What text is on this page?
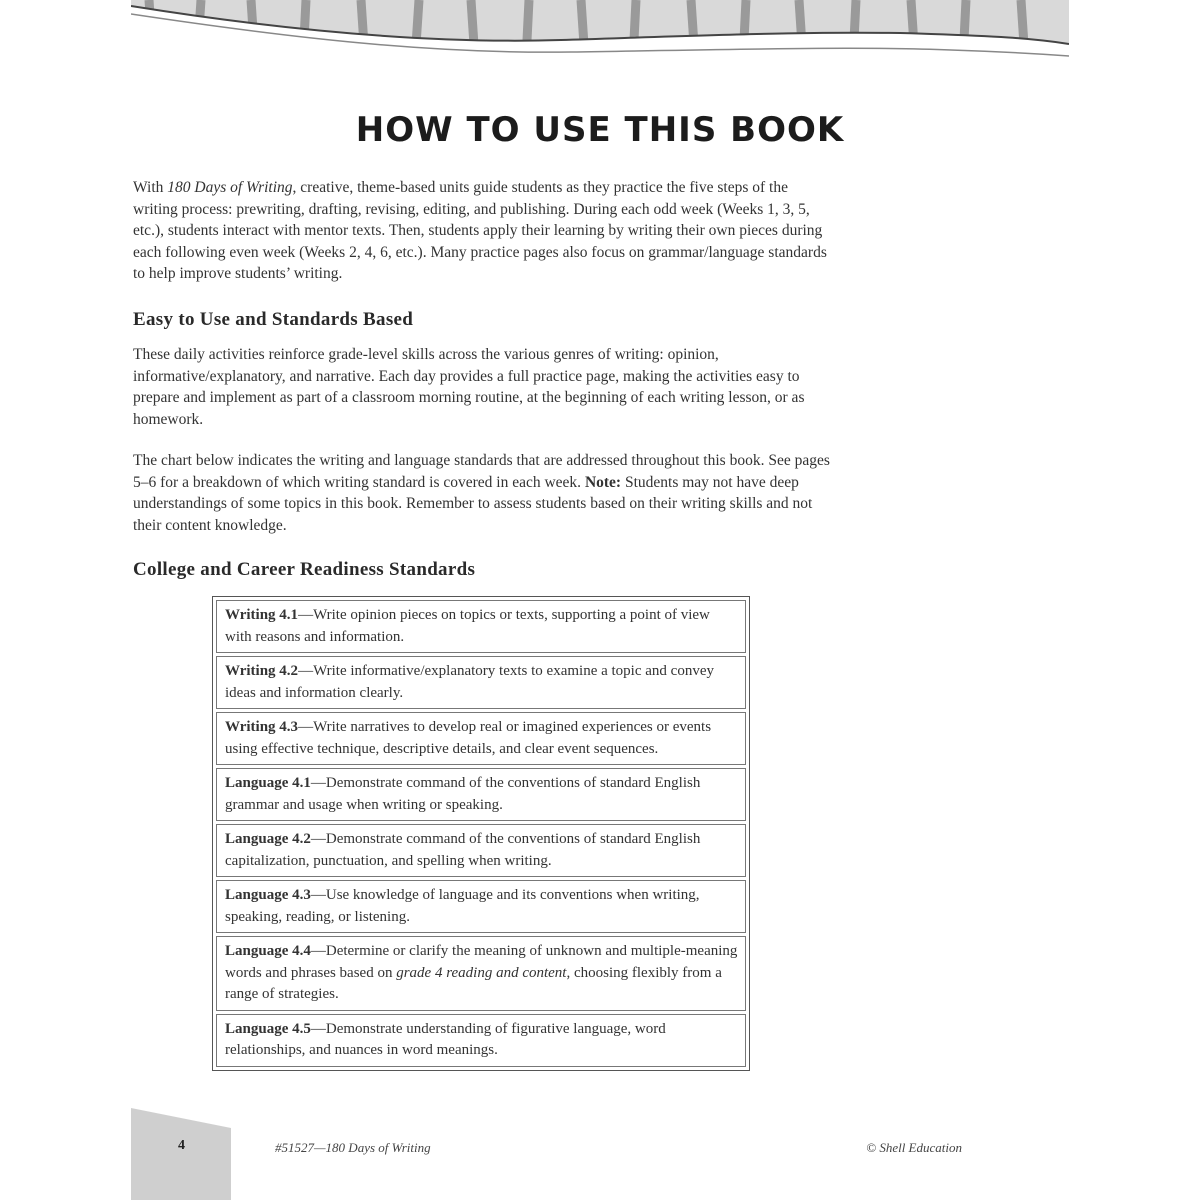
HOW TO USE THIS BOOK
With 180 Days of Writing, creative, theme-based units guide students as they practice the five steps of the writing process: prewriting, drafting, revising, editing, and publishing. During each odd week (Weeks 1, 3, 5, etc.), students interact with mentor texts. Then, students apply their learning by writing their own pieces during each following even week (Weeks 2, 4, 6, etc.). Many practice pages also focus on grammar/language standards to help improve students’ writing.
Easy to Use and Standards Based
These daily activities reinforce grade-level skills across the various genres of writing: opinion, informative/explanatory, and narrative. Each day provides a full practice page, making the activities easy to prepare and implement as part of a classroom morning routine, at the beginning of each writing lesson, or as homework.
The chart below indicates the writing and language standards that are addressed throughout this book. See pages 5–6 for a breakdown of which writing standard is covered in each week. Note: Students may not have deep understandings of some topics in this book. Remember to assess students based on their writing skills and not their content knowledge.
College and Career Readiness Standards
Writing 4.1—Write opinion pieces on topics or texts, supporting a point of view with reasons and information.
Writing 4.2—Write informative/explanatory texts to examine a topic and convey ideas and information clearly.
Writing 4.3—Write narratives to develop real or imagined experiences or events using effective technique, descriptive details, and clear event sequences.
Language 4.1—Demonstrate command of the conventions of standard English grammar and usage when writing or speaking.
Language 4.2—Demonstrate command of the conventions of standard English capitalization, punctuation, and spelling when writing.
Language 4.3—Use knowledge of language and its conventions when writing, speaking, reading, or listening.
Language 4.4—Determine or clarify the meaning of unknown and multiple-meaning words and phrases based on grade 4 reading and content, choosing flexibly from a range of strategies.
Language 4.5—Demonstrate understanding of figurative language, word relationships, and nuances in word meanings.
4	#51527—180 Days of Writing	© Shell Education
